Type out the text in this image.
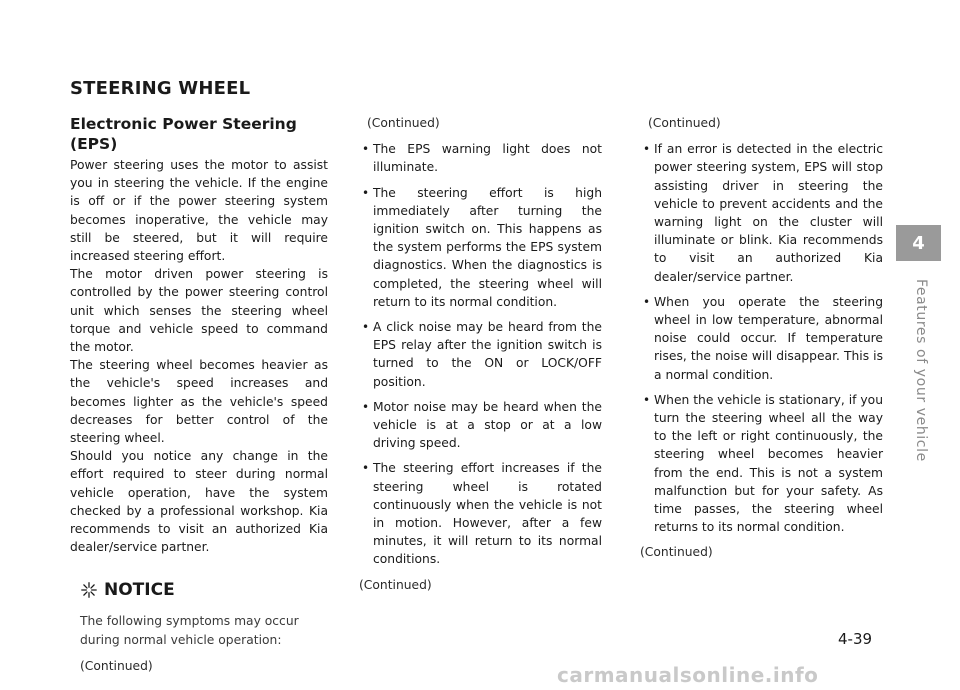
STEERING WHEEL
Electronic Power Steering (EPS)

Power steering uses the motor to assist you in steering the vehicle. If the engine is off or if the power steering system becomes inoperative, the vehicle may still be steered, but it will require increased steering effort.

The motor driven power steering is controlled by the power steering control unit which senses the steering wheel torque and vehicle speed to command the motor.

The steering wheel becomes heavier as the vehicle's speed increases and becomes lighter as the vehicle's speed decreases for better control of the steering wheel.

Should you notice any change in the effort required to steer during normal vehicle operation, have the system checked by a professional workshop. Kia recommends to visit an authorized Kia dealer/service partner.

NOTICE

The following symptoms may occur during normal vehicle operation:

(Continued)

(Continued)

• The EPS warning light does not illuminate.
• The steering effort is high immediately after turning the ignition switch on. This happens as the system performs the EPS system diagnostics. When the diagnostics is completed, the steering wheel will return to its normal condition.
• A click noise may be heard from the EPS relay after the ignition switch is turned to the ON or LOCK/OFF position.
• Motor noise may be heard when the vehicle is at a stop or at a low driving speed.
• The steering effort increases if the steering wheel is rotated continuously when the vehicle is not in motion. However, after a few minutes, it will return to its normal conditions.

(Continued)

(Continued)

• If an error is detected in the electric power steering system, EPS will stop assisting driver in steering the vehicle to prevent accidents and the warning light on the cluster will illuminate or blink. Kia recommends to visit an authorized Kia dealer/service partner.
• When you operate the steering wheel in low temperature, abnormal noise could occur. If temperature rises, the noise will disappear. This is a normal condition.
• When the vehicle is stationary, if you turn the steering wheel all the way to the left or right continuously, the steering wheel becomes heavier from the end. This is not a system malfunction but for your safety. As time passes, the steering wheel returns to its normal condition.

(Continued)

4
Features of your vehicle
4-39
carmanualsonline.info
